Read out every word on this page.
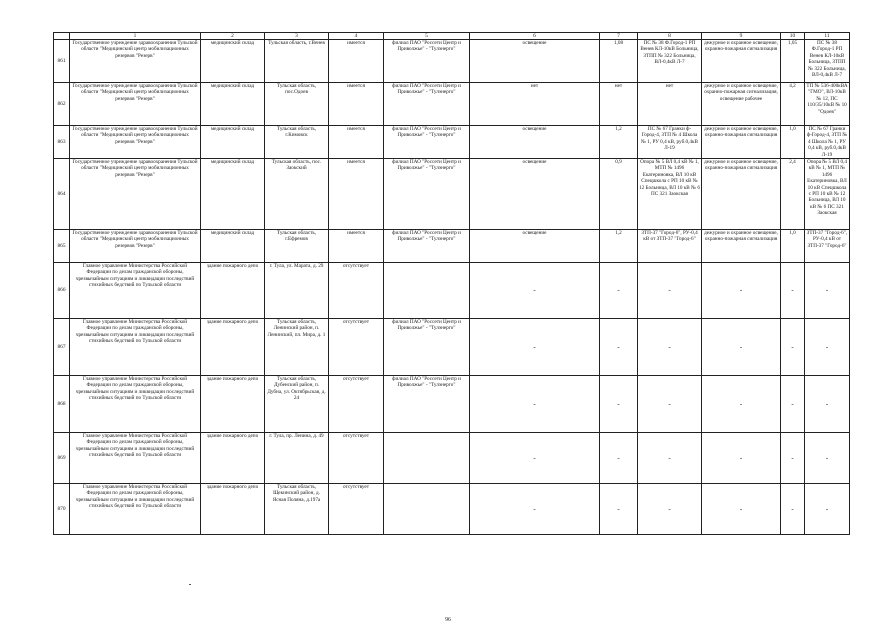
	1	2	3	4	5	6	7	8	9	10	11
861	Государственное учреждение здравоохранения Тульской области "Медицинский центр мобилизационных резервов "Резерв"	медицинский склад	Тульская область, г.Венев	имеется	филиал ПАО "Россети Центр и Приволжье" - "Тулэнерго"	освещение	1,08	ПС № 38 Ф.Город-1 РП Венев КЛ-10кВ Больница, ЗТПП № 322 Больница, ВЛ-0,4кВ Л-7	дежурное и охранное освещение, охранно-пожарная сигнализация	1,05	ПС № 38 Ф.Город-1 РП Венев КЛ-10кВ Больница, ЗТПП № 322 Больница, ВЛ-0,4кВ Л-7
862	Государственное учреждение здравоохранения Тульской области "Медицинский центр мобилизационных резервов "Резерв"	медицинский склад	Тульская область, пос.Одоев	имеется	филиал ПАО "Россети Центр и Приволжье" - "Тулэнерго"	нет	нет	нет	дежурное и охранное освещение, охранно-пожарная сигнализация, освещение рабочее	4,2	ТП № 536-400кВА "ГМО", ВЛ-10кВ № 12, ПС 110/35/10кВ № 10 "Одоев"
863	Государственное учреждение здравоохранения Тульской области "Медицинский центр мобилизационных резервов "Резерв"	медицинский склад	Тульская область, г.Кимовск	имеется	филиал ПАО "Россети Центр и Приволжье" - "Тулэнерго"	освещение	1,2	ПС № 67 Гранки ф-Город-4, ЗТП № 4 Школа № 1, РУ 0,4 кВ, руб.0,4кВ Л-19	дежурное и охранное освещение, охранно-пожарная сигнализация	1,0	ПС № 67 Гранки ф-Город-4, ЗТП № 4 Школа № 1, РУ 0,4 кВ, руб.0,4кВ Л-19
864	Государственное учреждение здравоохранения Тульской области "Медицинский центр мобилизационных резервов "Резерв"	медицинский склад	Тульская область, пос. Заокский	имеется	филиал ПАО "Россети Центр и Приволжье" - "Тулэнерго"	освещение	0,9	Опора № 5 ВЛ 0,4 кВ № 1, МТП № 1496 Екатериновка, ВЛ 10 кВ Спецшкола с РП 10 кВ № 12 Больница, ВЛ 10 кВ № 6 ПС 321 Заокская	дежурное и охранное освещение, охранно-пожарная сигнализация	2,4	Опора № 5 ВЛ 0,4 кВ № 1, МТП № 1496 Екатериновка, ВЛ 10 кВ Спецшкола с РП 10 кВ № 12 Больница, ВЛ 10 кВ № 6 ПС 321 Заокская
865	Государственное учреждение здравоохранения Тульской области "Медицинский центр мобилизационных резервов "Резерв"	медицинский склад	Тульская область, г.Ефремов	имеется	филиал ПАО "Россети Центр и Приволжье" - "Тулэнерго"	освещение	1,2	ЗТП-37 "Город-6", РУ-0,4 кВ от ЗТП-37 "Город-6"	дежурное и охранное освещение, охранно-пожарная сигнализация	1,0	ЗТП-37 "Город-6", РУ-0,4 кВ от ЗТП-37 "Город-6"
866	Главное управление Министерства Российской Федерации по делам гражданской обороны, чрезвычайным ситуациям и ликвидации последствий стихийных бедствий по Тульской области	здание пожарного депо	г. Тула, ул. Марата, д. 29	отсутствует		-	-	-	-	-	-
867	Главное управление Министерства Российской Федерации по делам гражданской обороны, чрезвычайным ситуациям и ликвидации последствий стихийных бедствий по Тульской области	здание пожарного депо	Тульская область, Ленинский район, п. Ленинский, пл. Мира, д. 1	отсутствует	филиал ПАО "Россети Центр и Приволжье" - "Тулэнерго"	-	-	-	-	-	-
868	Главное управление Министерства Российской Федерации по делам гражданской обороны, чрезвычайным ситуациям и ликвидации последствий стихийных бедствий по Тульской области	здание пожарного депо	Тульская область, Дубенский район, п. Дубна, ул. Октябрьская, д. 24	отсутствует	филиал ПАО "Россети Центр и Приволжье" - "Тулэнерго"	-	-	-	-	-	-
869	Главное управление Министерства Российской Федерации по делам гражданской обороны, чрезвычайным ситуациям и ликвидации последствий стихийных бедствий по Тульской области	здание пожарного депо	г. Тула, пр. Ленина, д. 49	отсутствует		-	-	-	-	-	-
870	Главное управление Министерства Российской Федерации по делам гражданской обороны, чрезвычайным ситуациям и ликвидации последствий стихийных бедствий по Тульской области	здание пожарного депо	Тульская область, Щекинский район, д. Ясная Поляна, д.197а	отсутствует		-	-	-	-	-	-
96
